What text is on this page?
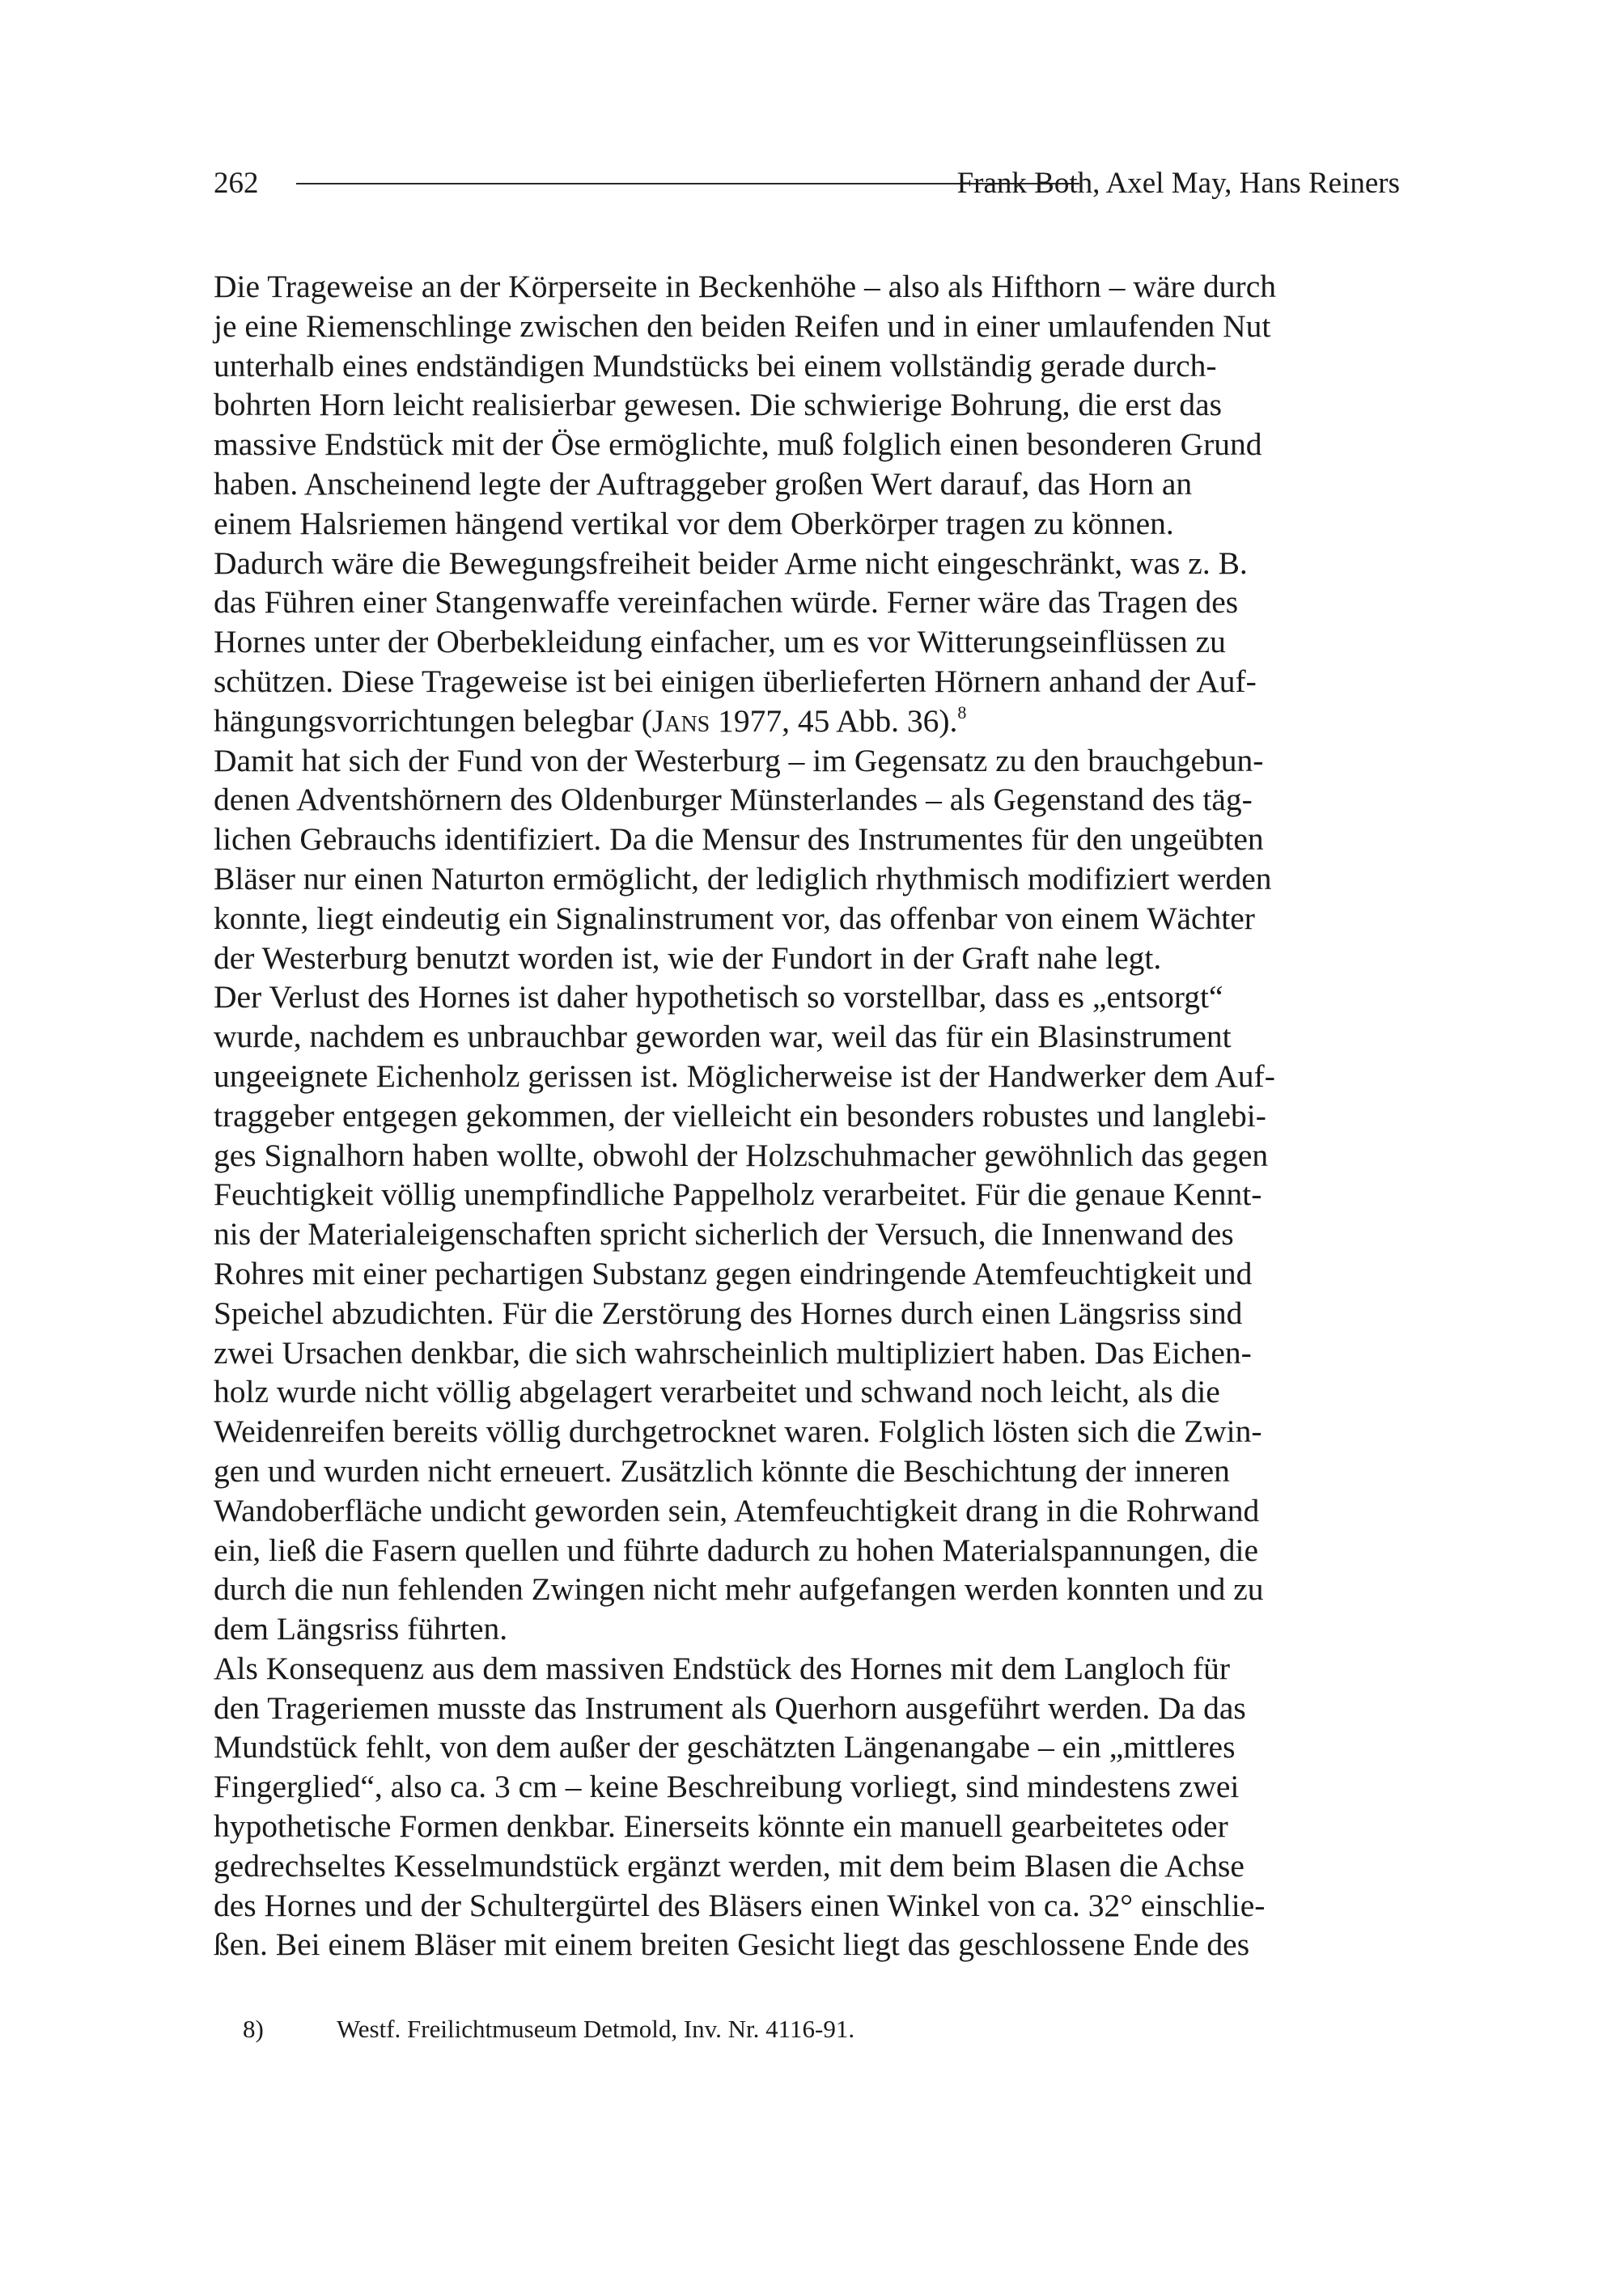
262	Frank Both, Axel May, Hans Reiners

Die Trageweise an der Körperseite in Beckenhöhe – also als Hifthorn – wäre durch
je eine Riemenschlinge zwischen den beiden Reifen und in einer umlaufenden Nut
unterhalb eines endständigen Mundstücks bei einem vollständig gerade durch-
bohrten Horn leicht realisierbar gewesen. Die schwierige Bohrung, die erst das
massive Endstück mit der Öse ermöglichte, muß folglich einen besonderen Grund
haben. Anscheinend legte der Auftraggeber großen Wert darauf, das Horn an
einem Halsriemen hängend vertikal vor dem Oberkörper tragen zu können.
Dadurch wäre die Bewegungsfreiheit beider Arme nicht eingeschränkt, was z. B.
das Führen einer Stangenwaffe vereinfachen würde. Ferner wäre das Tragen des
Hornes unter der Oberbekleidung einfacher, um es vor Witterungseinflüssen zu
schützen. Diese Trageweise ist bei einigen überlieferten Hörnern anhand der Auf-
hängungsvorrichtungen belegbar (Jans 1977, 45 Abb. 36).$^8$

Damit hat sich der Fund von der Westerburg – im Gegensatz zu den brauchgebun-
denen Adventshörnern des Oldenburger Münsterlandes – als Gegenstand des täg-
lichen Gebrauchs identifiziert. Da die Mensur des Instrumentes für den ungeübten
Bläser nur einen Naturton ermöglicht, der lediglich rhythmisch modifiziert werden
konnte, liegt eindeutig ein Signalinstrument vor, das offenbar von einem Wächter
der Westerburg benutzt worden ist, wie der Fundort in der Graft nahe legt.

Der Verlust des Hornes ist daher hypothetisch so vorstellbar, dass es „entsorgt“
wurde, nachdem es unbrauchbar geworden war, weil das für ein Blasinstrument
ungeeignete Eichenholz gerissen ist. Möglicherweise ist der Handwerker dem Auf-
traggeber entgegen gekommen, der vielleicht ein besonders robustes und langlebi-
ges Signalhorn haben wollte, obwohl der Holzschuhmacher gewöhnlich das gegen
Feuchtigkeit völlig unempfindliche Pappelholz verarbeitet. Für die genaue Kennt-
nis der Materialeigenschaften spricht sicherlich der Versuch, die Innenwand des
Rohres mit einer pechartigen Substanz gegen eindringende Atemfeuchtigkeit und
Speichel abzudichten. Für die Zerstörung des Hornes durch einen Längsriss sind
zwei Ursachen denkbar, die sich wahrscheinlich multipliziert haben. Das Eichen-
holz wurde nicht völlig abgelagert verarbeitet und schwand noch leicht, als die
Weidenreifen bereits völlig durchgetrocknet waren. Folglich lösten sich die Zwin-
gen und wurden nicht erneuert. Zusätzlich könnte die Beschichtung der inneren
Wandoberfläche undicht geworden sein, Atemfeuchtigkeit drang in die Rohrwand
ein, ließ die Fasern quellen und führte dadurch zu hohen Materialspannungen, die
durch die nun fehlenden Zwingen nicht mehr aufgefangen werden konnten und zu
dem Längsriss führten.

Als Konsequenz aus dem massiven Endstück des Hornes mit dem Langloch für
den Trageriemen musste das Instrument als Querhorn ausgeführt werden. Da das
Mundstück fehlt, von dem außer der geschätzten Längenangabe – ein „mittleres
Fingerglied“, also ca. 3 cm – keine Beschreibung vorliegt, sind mindestens zwei
hypothetische Formen denkbar. Einerseits könnte ein manuell gearbeitetes oder
gedrechseltes Kesselmundstück ergänzt werden, mit dem beim Blasen die Achse
des Hornes und der Schultergürtel des Bläsers einen Winkel von ca. 32° einschlie-
ßen. Bei einem Bläser mit einem breiten Gesicht liegt das geschlossene Ende des

8)	Westf. Freilichtmuseum Detmold, Inv. Nr. 4116-91.
